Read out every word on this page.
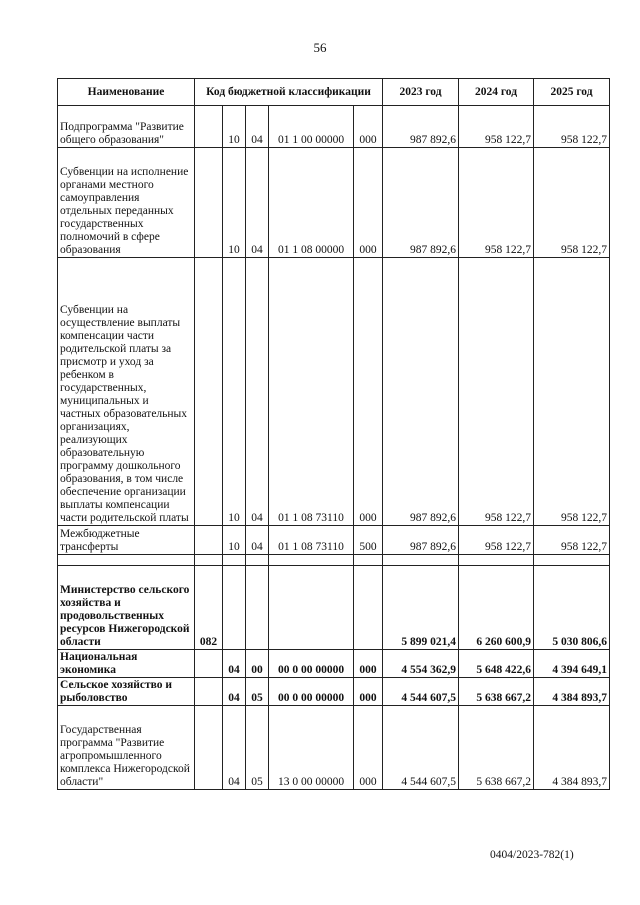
56
Наименование	Код бюджетной классификации					2023 год	2024 год	2025 год
Подпрограмма "Развитие общего образования"		10	04	01 1 00 00000	000	987 892,6	958 122,7	958 122,7
Субвенции на исполнение органами местного самоуправления отдельных переданных государственных полномочий в сфере образования		10	04	01 1 08 00000	000	987 892,6	958 122,7	958 122,7
Субвенции на осуществление выплаты компенсации части родительской платы за присмотр и уход за ребенком в государственных, муниципальных и частных образовательных организациях, реализующих образовательную программу дошкольного образования, в том числе обеспечение организации выплаты компенсации части родительской платы		10	04	01 1 08 73110	000	987 892,6	958 122,7	958 122,7
Межбюджетные трансферты		10	04	01 1 08 73110	500	987 892,6	958 122,7	958 122,7

Министерство сельского хозяйства и продовольственных ресурсов Нижегородской области	082					5 899 021,4	6 260 600,9	5 030 806,6
Национальная экономика		04	00	00 0 00 00000	000	4 554 362,9	5 648 422,6	4 394 649,1
Сельское хозяйство и рыболовство		04	05	00 0 00 00000	000	4 544 607,5	5 638 667,2	4 384 893,7
Государственная программа "Развитие агропромышленного комплекса Нижегородской области"		04	05	13 0 00 00000	000	4 544 607,5	5 638 667,2	4 384 893,7
0404/2023-782(1)
